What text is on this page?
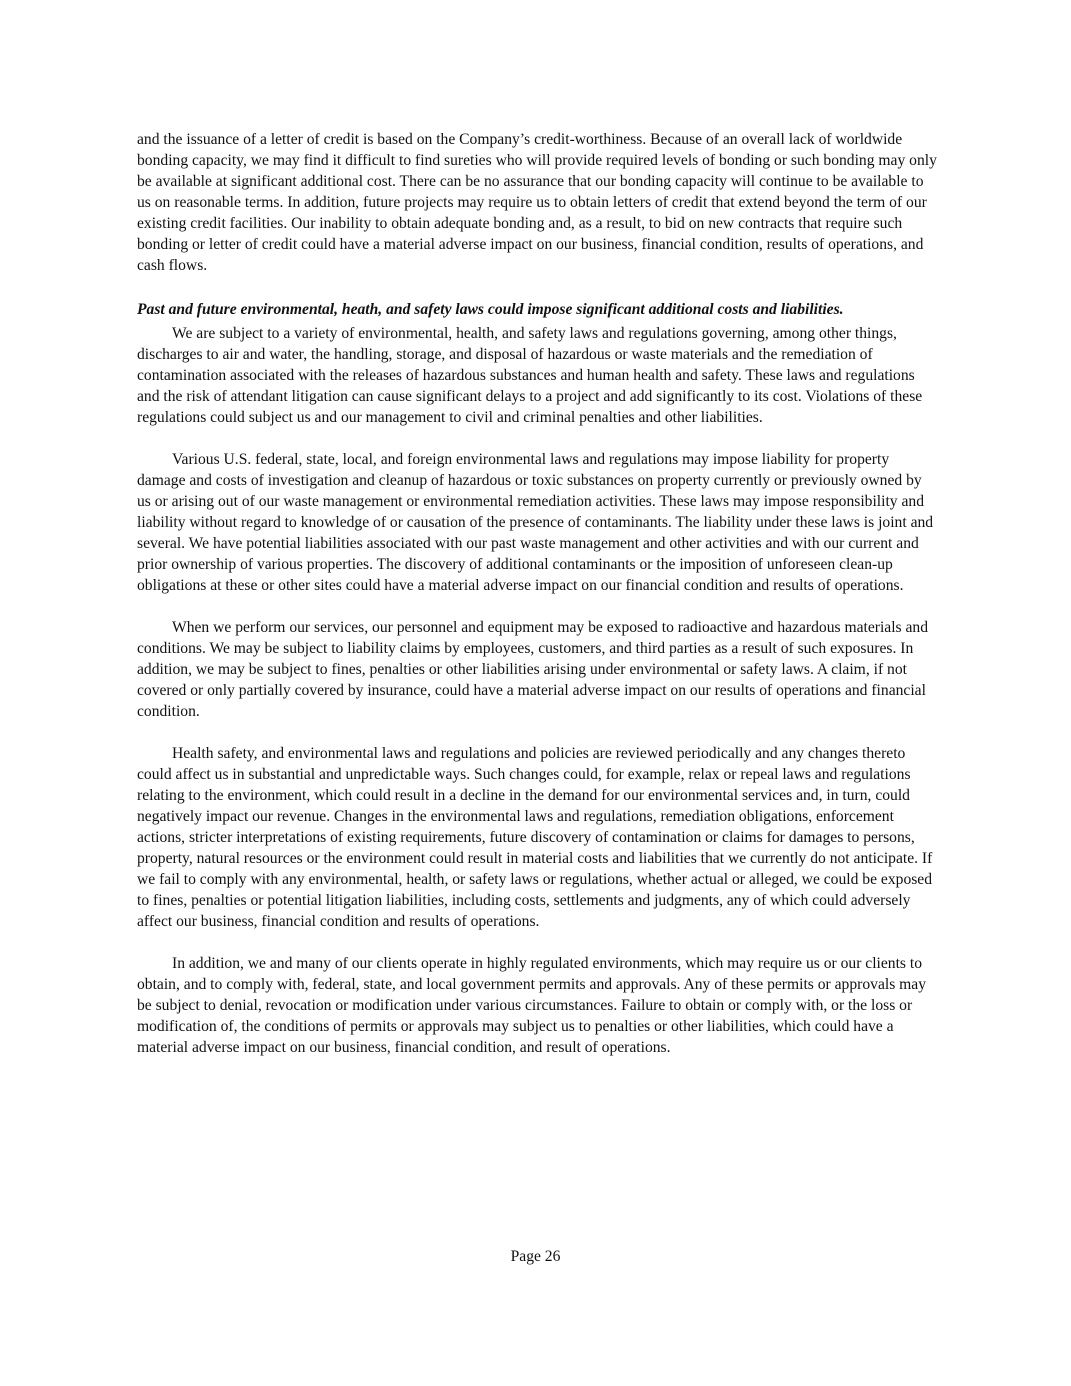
and the issuance of a letter of credit is based on the Company’s credit-worthiness. Because of an overall lack of worldwide bonding capacity, we may find it difficult to find sureties who will provide required levels of bonding or such bonding may only be available at significant additional cost. There can be no assurance that our bonding capacity will continue to be available to us on reasonable terms. In addition, future projects may require us to obtain letters of credit that extend beyond the term of our existing credit facilities. Our inability to obtain adequate bonding and, as a result, to bid on new contracts that require such bonding or letter of credit could have a material adverse impact on our business, financial condition, results of operations, and cash flows.

Past and future environmental, heath, and safety laws could impose significant additional costs and liabilities.

We are subject to a variety of environmental, health, and safety laws and regulations governing, among other things, discharges to air and water, the handling, storage, and disposal of hazardous or waste materials and the remediation of contamination associated with the releases of hazardous substances and human health and safety. These laws and regulations and the risk of attendant litigation can cause significant delays to a project and add significantly to its cost. Violations of these regulations could subject us and our management to civil and criminal penalties and other liabilities.

Various U.S. federal, state, local, and foreign environmental laws and regulations may impose liability for property damage and costs of investigation and cleanup of hazardous or toxic substances on property currently or previously owned by us or arising out of our waste management or environmental remediation activities. These laws may impose responsibility and liability without regard to knowledge of or causation of the presence of contaminants. The liability under these laws is joint and several. We have potential liabilities associated with our past waste management and other activities and with our current and prior ownership of various properties. The discovery of additional contaminants or the imposition of unforeseen clean-up obligations at these or other sites could have a material adverse impact on our financial condition and results of operations.

When we perform our services, our personnel and equipment may be exposed to radioactive and hazardous materials and conditions. We may be subject to liability claims by employees, customers, and third parties as a result of such exposures. In addition, we may be subject to fines, penalties or other liabilities arising under environmental or safety laws. A claim, if not covered or only partially covered by insurance, could have a material adverse impact on our results of operations and financial condition.

Health safety, and environmental laws and regulations and policies are reviewed periodically and any changes thereto could affect us in substantial and unpredictable ways. Such changes could, for example, relax or repeal laws and regulations relating to the environment, which could result in a decline in the demand for our environmental services and, in turn, could negatively impact our revenue. Changes in the environmental laws and regulations, remediation obligations, enforcement actions, stricter interpretations of existing requirements, future discovery of contamination or claims for damages to persons, property, natural resources or the environment could result in material costs and liabilities that we currently do not anticipate. If we fail to comply with any environmental, health, or safety laws or regulations, whether actual or alleged, we could be exposed to fines, penalties or potential litigation liabilities, including costs, settlements and judgments, any of which could adversely affect our business, financial condition and results of operations.

In addition, we and many of our clients operate in highly regulated environments, which may require us or our clients to obtain, and to comply with, federal, state, and local government permits and approvals. Any of these permits or approvals may be subject to denial, revocation or modification under various circumstances. Failure to obtain or comply with, or the loss or modification of, the conditions of permits or approvals may subject us to penalties or other liabilities, which could have a material adverse impact on our business, financial condition, and result of operations.

Page 26
